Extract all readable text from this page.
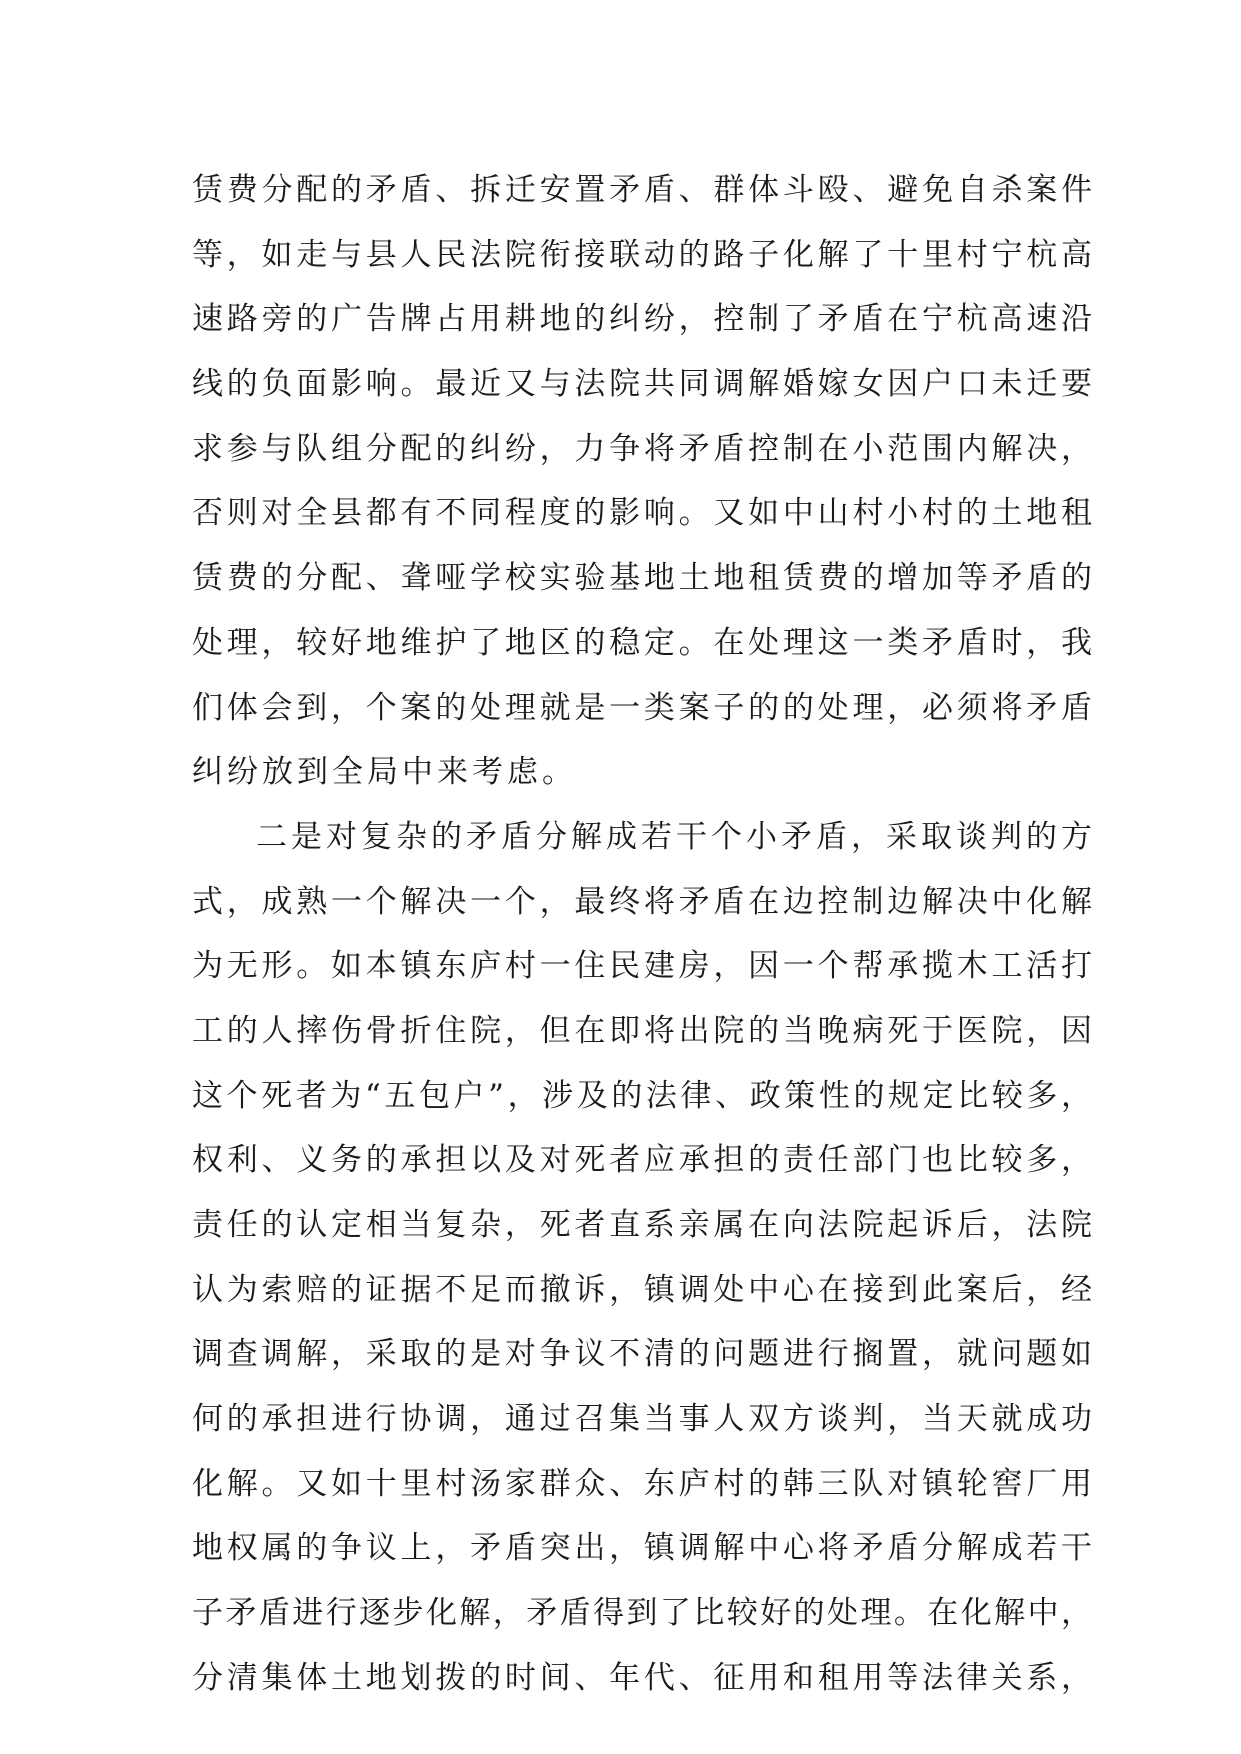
赁费分配的矛盾、拆迁安置矛盾、群体斗殴、避免自杀案件
等，如走与县人民法院衔接联动的路子化解了十里村宁杭高
速路旁的广告牌占用耕地的纠纷，控制了矛盾在宁杭高速沿
线的负面影响。最近又与法院共同调解婚嫁女因户口未迁要
求参与队组分配的纠纷，力争将矛盾控制在小范围内解决，
否则对全县都有不同程度的影响。又如中山村小村的土地租
赁费的分配、聋哑学校实验基地土地租赁费的增加等矛盾的
处理，较好地维护了地区的稳定。在处理这一类矛盾时，我
们体会到，个案的处理就是一类案子的的处理，必须将矛盾
纠纷放到全局中来考虑。
二是对复杂的矛盾分解成若干个小矛盾，采取谈判的方
式，成熟一个解决一个，最终将矛盾在边控制边解决中化解
为无形。如本镇东庐村一住民建房，因一个帮承揽木工活打
工的人摔伤骨折住院，但在即将出院的当晚病死于医院，因
这个死者为“五包户”，涉及的法律、政策性的规定比较多，
权利、义务的承担以及对死者应承担的责任部门也比较多，
责任的认定相当复杂，死者直系亲属在向法院起诉后，法院
认为索赔的证据不足而撤诉，镇调处中心在接到此案后，经
调查调解，采取的是对争议不清的问题进行搁置，就问题如
何的承担进行协调，通过召集当事人双方谈判，当天就成功
化解。又如十里村汤家群众、东庐村的韩三队对镇轮窖厂用
地权属的争议上，矛盾突出，镇调解中心将矛盾分解成若干
子矛盾进行逐步化解，矛盾得到了比较好的处理。在化解中，
分清集体土地划拨的时间、年代、征用和租用等法律关系，
